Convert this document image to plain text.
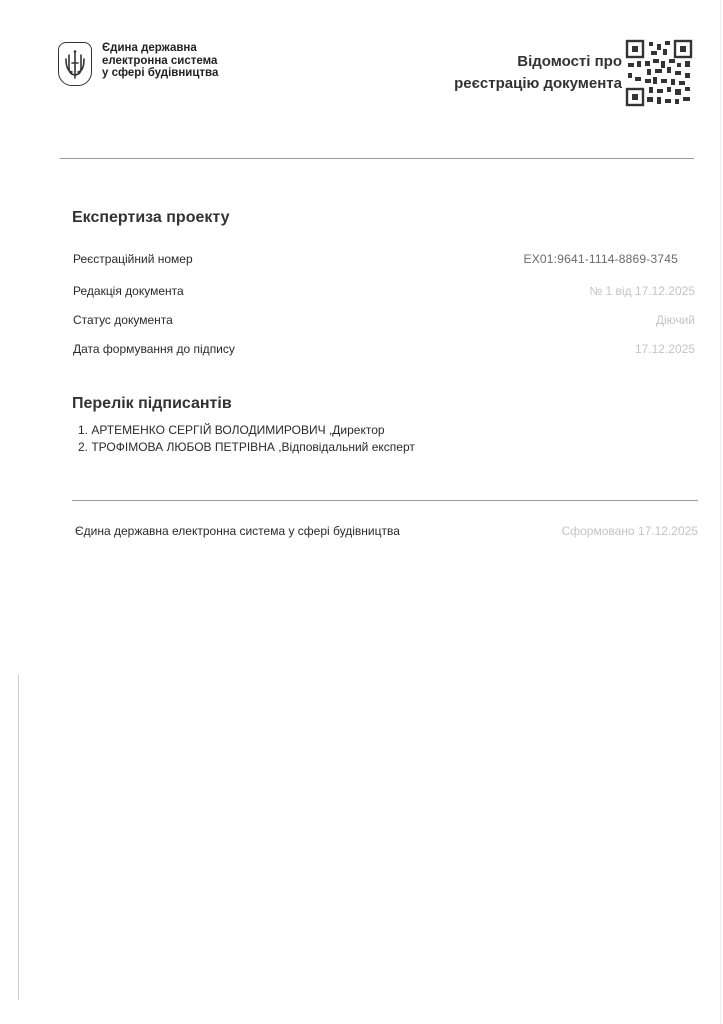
Єдина державна
електронна система
у сфері будівництва
Відомості про
реєстрацію документа
Експертиза проекту
Реєстраційний номер	EX01:9641-1114-8869-3745
Редакція документа	№ 1 від 17.12.2025
Статус документа	Діючий
Дата формування до підпису	17.12.2025
Перелік підписантів
1. АРТЕМЕНКО СЕРГІЙ ВОЛОДИМИРОВИЧ ,Директор
2. ТРОФІМОВА ЛЮБОВ ПЕТРІВНА ,Відповідальний експерт
Єдина державна електронна система у сфері будівництва	Сформовано 17.12.2025
